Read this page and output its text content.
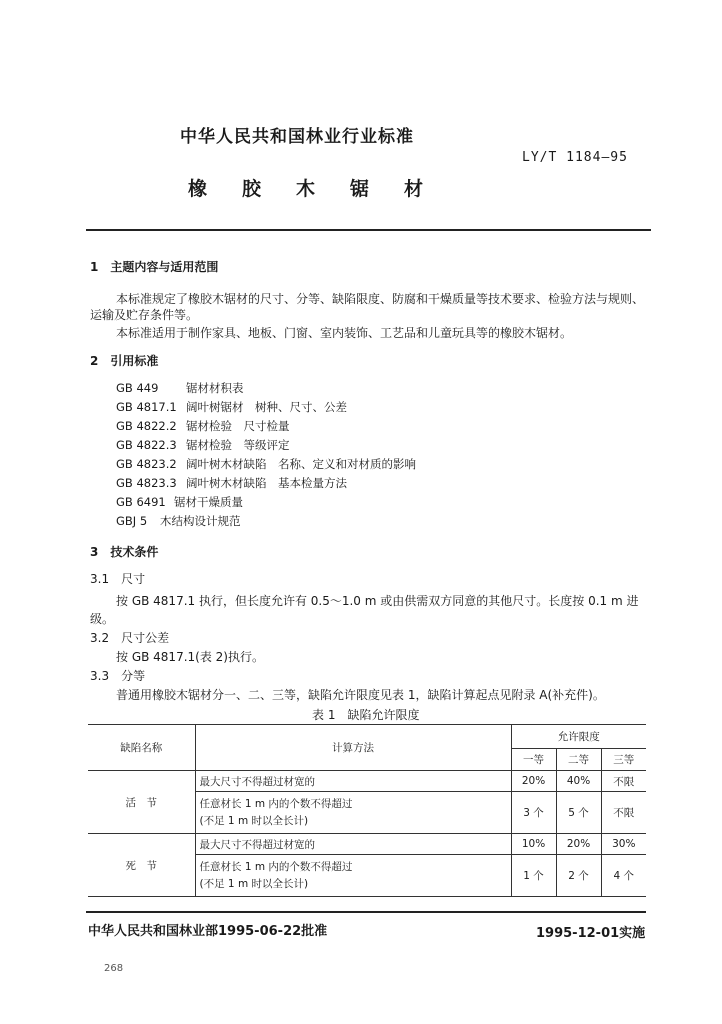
中华人民共和国林业行业标准
LY/T 1184—95
橡	胶	木	锯	材
1　主题内容与适用范围
本标准规定了橡胶木锯材的尺寸、分等、缺陷限度、防腐和干燥质量等技术要求、检验方法与规则、
运输及贮存条件等。
本标准适用于制作家具、地板、门窗、室内装饰、工艺品和儿童玩具等的橡胶木锯材。
2　引用标准
GB 449 锯材材积表
GB 4817.1 阔叶树锯材　树种、尺寸、公差
GB 4822.2 锯材检验　尺寸检量
GB 4822.3 锯材检验　等级评定
GB 4823.2 阔叶树木材缺陷　名称、定义和对材质的影响
GB 4823.3 阔叶树木材缺陷　基本检量方法
GB 6491 锯材干燥质量
GBJ 5 木结构设计规范
3　技术条件
3.1　尺寸
按 GB 4817.1 执行，但长度允许有 0.5～1.0 m 或由供需双方同意的其他尺寸。长度按 0.1 m 进
级。
3.2　尺寸公差
按 GB 4817.1(表 2)执行。
3.3　分等
普通用橡胶木锯材分一、二、三等，缺陷允许限度见表 1，缺陷计算起点见附录 A(补充件)。
表 1　缺陷允许限度
缺陷名称	计算方法	允许限度		
		一等	二等	三等
活　节	最大尺寸不得超过材宽的	20%	40%	不限

	任意材长 1 m 内的个数不得超过
(不足 1 m 时以全长计)	3 个	5 个	不限
死　节	最大尺寸不得超过材宽的	10%	20%	30%

	任意材长 1 m 内的个数不得超过
(不足 1 m 时以全长计)	1 个	2 个	4 个
中华人民共和国林业部1995-06-22批准	1995-12-01实施
268
